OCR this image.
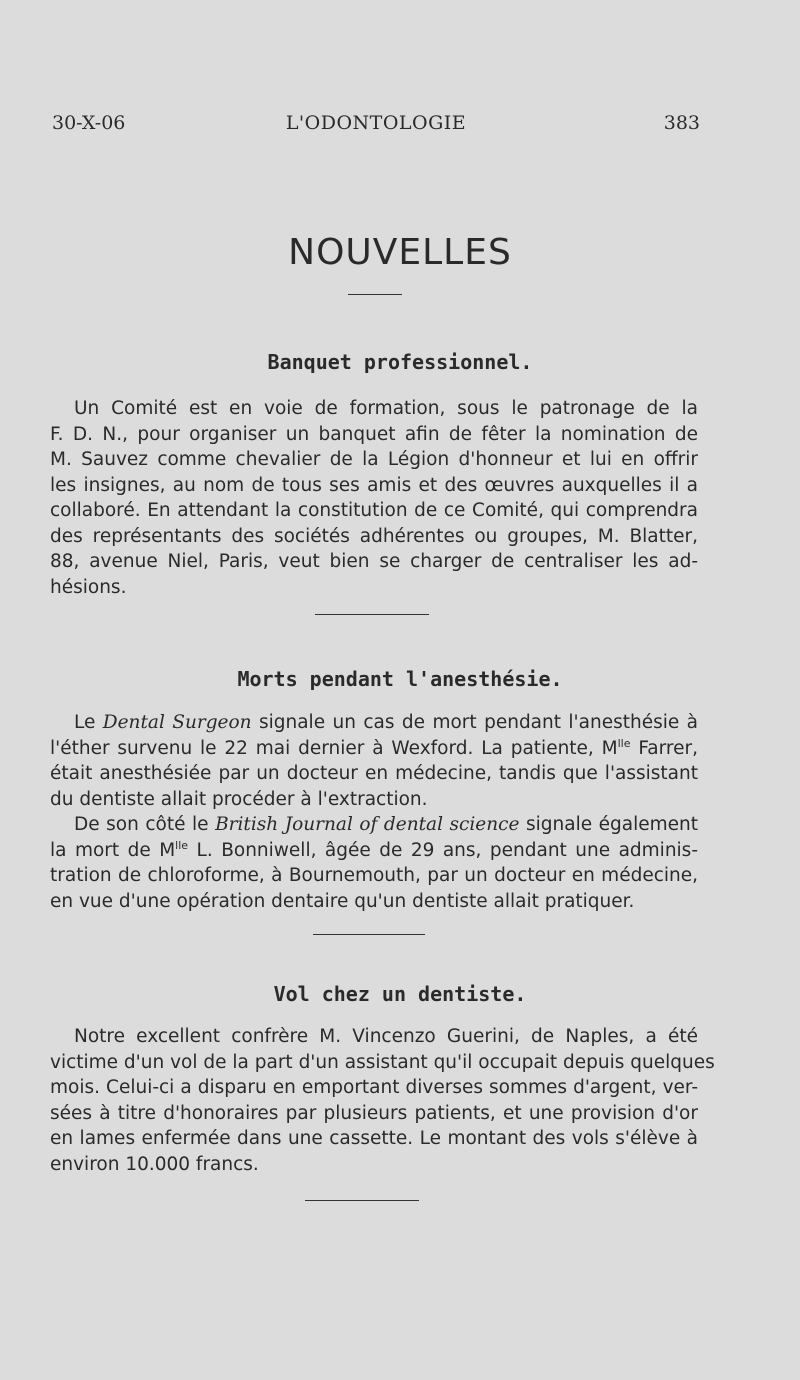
30-X-06	L'ODONTOLOGIE	383
NOUVELLES
Banquet professionnel.
Un Comité est en voie de formation, sous le patronage de la
F. D. N., pour organiser un banquet afin de fêter la nomination de
M. Sauvez comme chevalier de la Légion d'honneur et lui en offrir
les insignes, au nom de tous ses amis et des œuvres auxquelles il a
collaboré. En attendant la constitution de ce Comité, qui comprendra
des représentants des sociétés adhérentes ou groupes, M. Blatter,
88, avenue Niel, Paris, veut bien se charger de centraliser les ad-
hésions.
Morts pendant l'anesthésie.
Le Dental Surgeon signale un cas de mort pendant l'anesthésie à
l'éther survenu le 22 mai dernier à Wexford. La patiente, $M^{lle}$ Farrer,
était anesthésiée par un docteur en médecine, tandis que l'assistant
du dentiste allait procéder à l'extraction.
De son côté le British Journal of dental science signale également
la mort de $M^{lle}$ L. Bonniwell, âgée de 29 ans, pendant une adminis-
tration de chloroforme, à Bournemouth, par un docteur en médecine,
en vue d'une opération dentaire qu'un dentiste allait pratiquer.
Vol chez un dentiste.
Notre excellent confrère M. Vincenzo Guerini, de Naples, a été
victime d'un vol de la part d'un assistant qu'il occupait depuis quelques
mois. Celui-ci a disparu en emportant diverses sommes d'argent, ver-
sées à titre d'honoraires par plusieurs patients, et une provision d'or
en lames enfermée dans une cassette. Le montant des vols s'élève à
environ 10.000 francs.
